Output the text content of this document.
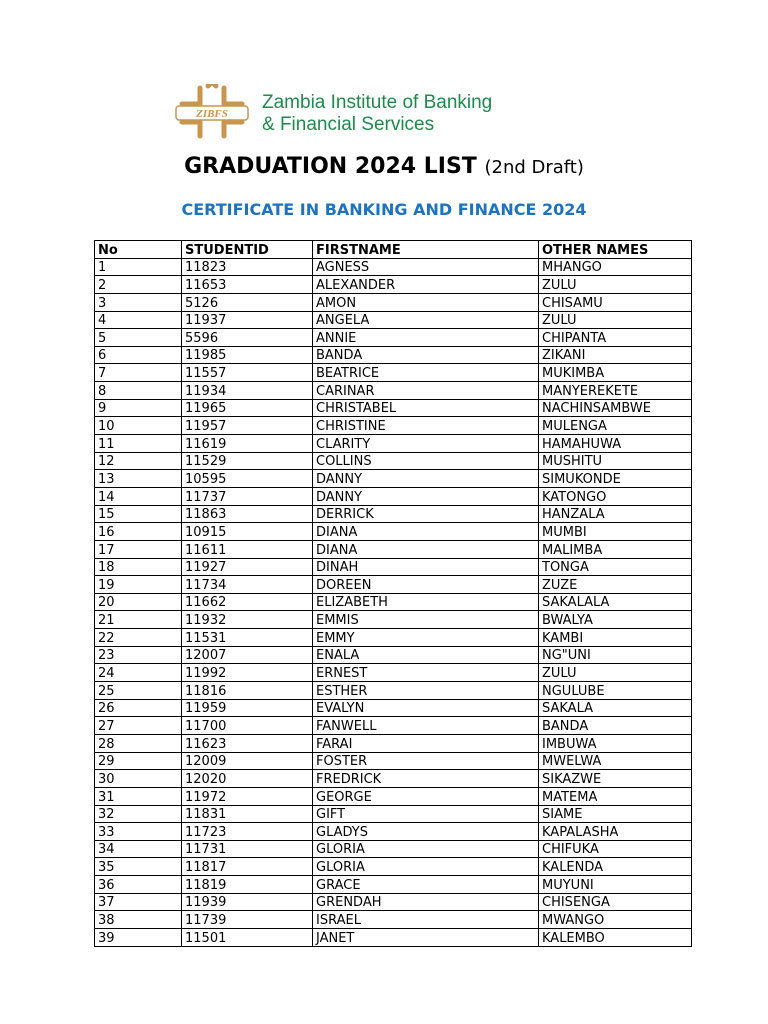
ZIBFS
Zambia Institute of Banking
& Financial Services
GRADUATION 2024 LIST (2nd Draft)
CERTIFICATE IN BANKING AND FINANCE 2024
No	STUDENTID	FIRSTNAME	OTHER NAMES
1	11823	AGNESS	MHANGO
2	11653	ALEXANDER	ZULU
3	5126	AMON	CHISAMU
4	11937	ANGELA	ZULU
5	5596	ANNIE	CHIPANTA
6	11985	BANDA	ZIKANI
7	11557	BEATRICE	MUKIMBA
8	11934	CARINAR	MANYEREKETE
9	11965	CHRISTABEL	NACHINSAMBWE
10	11957	CHRISTINE	MULENGA
11	11619	CLARITY	HAMAHUWA
12	11529	COLLINS	MUSHITU
13	10595	DANNY	SIMUKONDE
14	11737	DANNY	KATONGO
15	11863	DERRICK	HANZALA
16	10915	DIANA	MUMBI
17	11611	DIANA	MALIMBA
18	11927	DINAH	TONGA
19	11734	DOREEN	ZUZE
20	11662	ELIZABETH	SAKALALA
21	11932	EMMIS	BWALYA
22	11531	EMMY	KAMBI
23	12007	ENALA	NG"UNI
24	11992	ERNEST	ZULU
25	11816	ESTHER	NGULUBE
26	11959	EVALYN	SAKALA
27	11700	FANWELL	BANDA
28	11623	FARAI	IMBUWA
29	12009	FOSTER	MWELWA
30	12020	FREDRICK	SIKAZWE
31	11972	GEORGE	MATEMA
32	11831	GIFT	SIAME
33	11723	GLADYS	KAPALASHA
34	11731	GLORIA	CHIFUKA
35	11817	GLORIA	KALENDA
36	11819	GRACE	MUYUNI
37	11939	GRENDAH	CHISENGA
38	11739	ISRAEL	MWANGO
39	11501	JANET	KALEMBO
